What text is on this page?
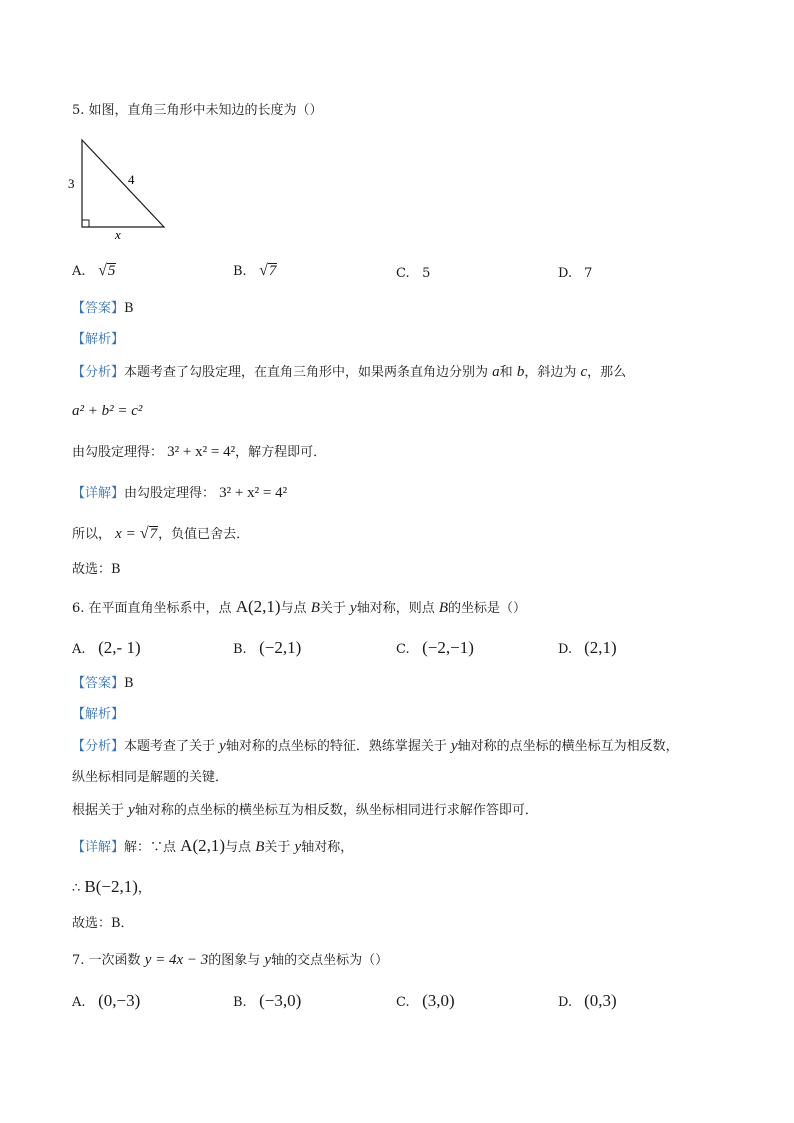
5. 如图，直角三角形中未知边的长度为（）
3	4
x
A. √ 5	B. √ 7	C. 5	D. 7
【答案】B
【解析】
【分析】本题考查了勾股定理，在直角三角形中，如果两条直角边分别为 a和 b，斜边为 c，那么
a² + b² = c²
由勾股定理得： 3² + x² = 4²，解方程即可．
【详解】由勾股定理得： 3² + x² = 4²
所以， x = √ 7 ，负值已舍去．
故选：B
6. 在平面直角坐标系中，点 A(2,1)与点 B关于 y轴对称，则点 B的坐标是（）
A. (2,- 1)	B. (−2,1)	C. (−2,−1)	D. (2,1)
【答案】B
【解析】
【分析】本题考查了关于 y轴对称的点坐标的特征．熟练掌握关于 y轴对称的点坐标的横坐标互为相反数，
纵坐标相同是解题的关键．
根据关于 y轴对称的点坐标的横坐标互为相反数，纵坐标相同进行求解作答即可．
【详解】解：∵点 A(2,1)与点 B关于 y轴对称，
∴ B(−2,1)，
故选：B．
7. 一次函数 y = 4x − 3的图象与 y轴的交点坐标为（）
A. (0,−3)	B. (−3,0)	C. (3,0)	D. (0,3)
